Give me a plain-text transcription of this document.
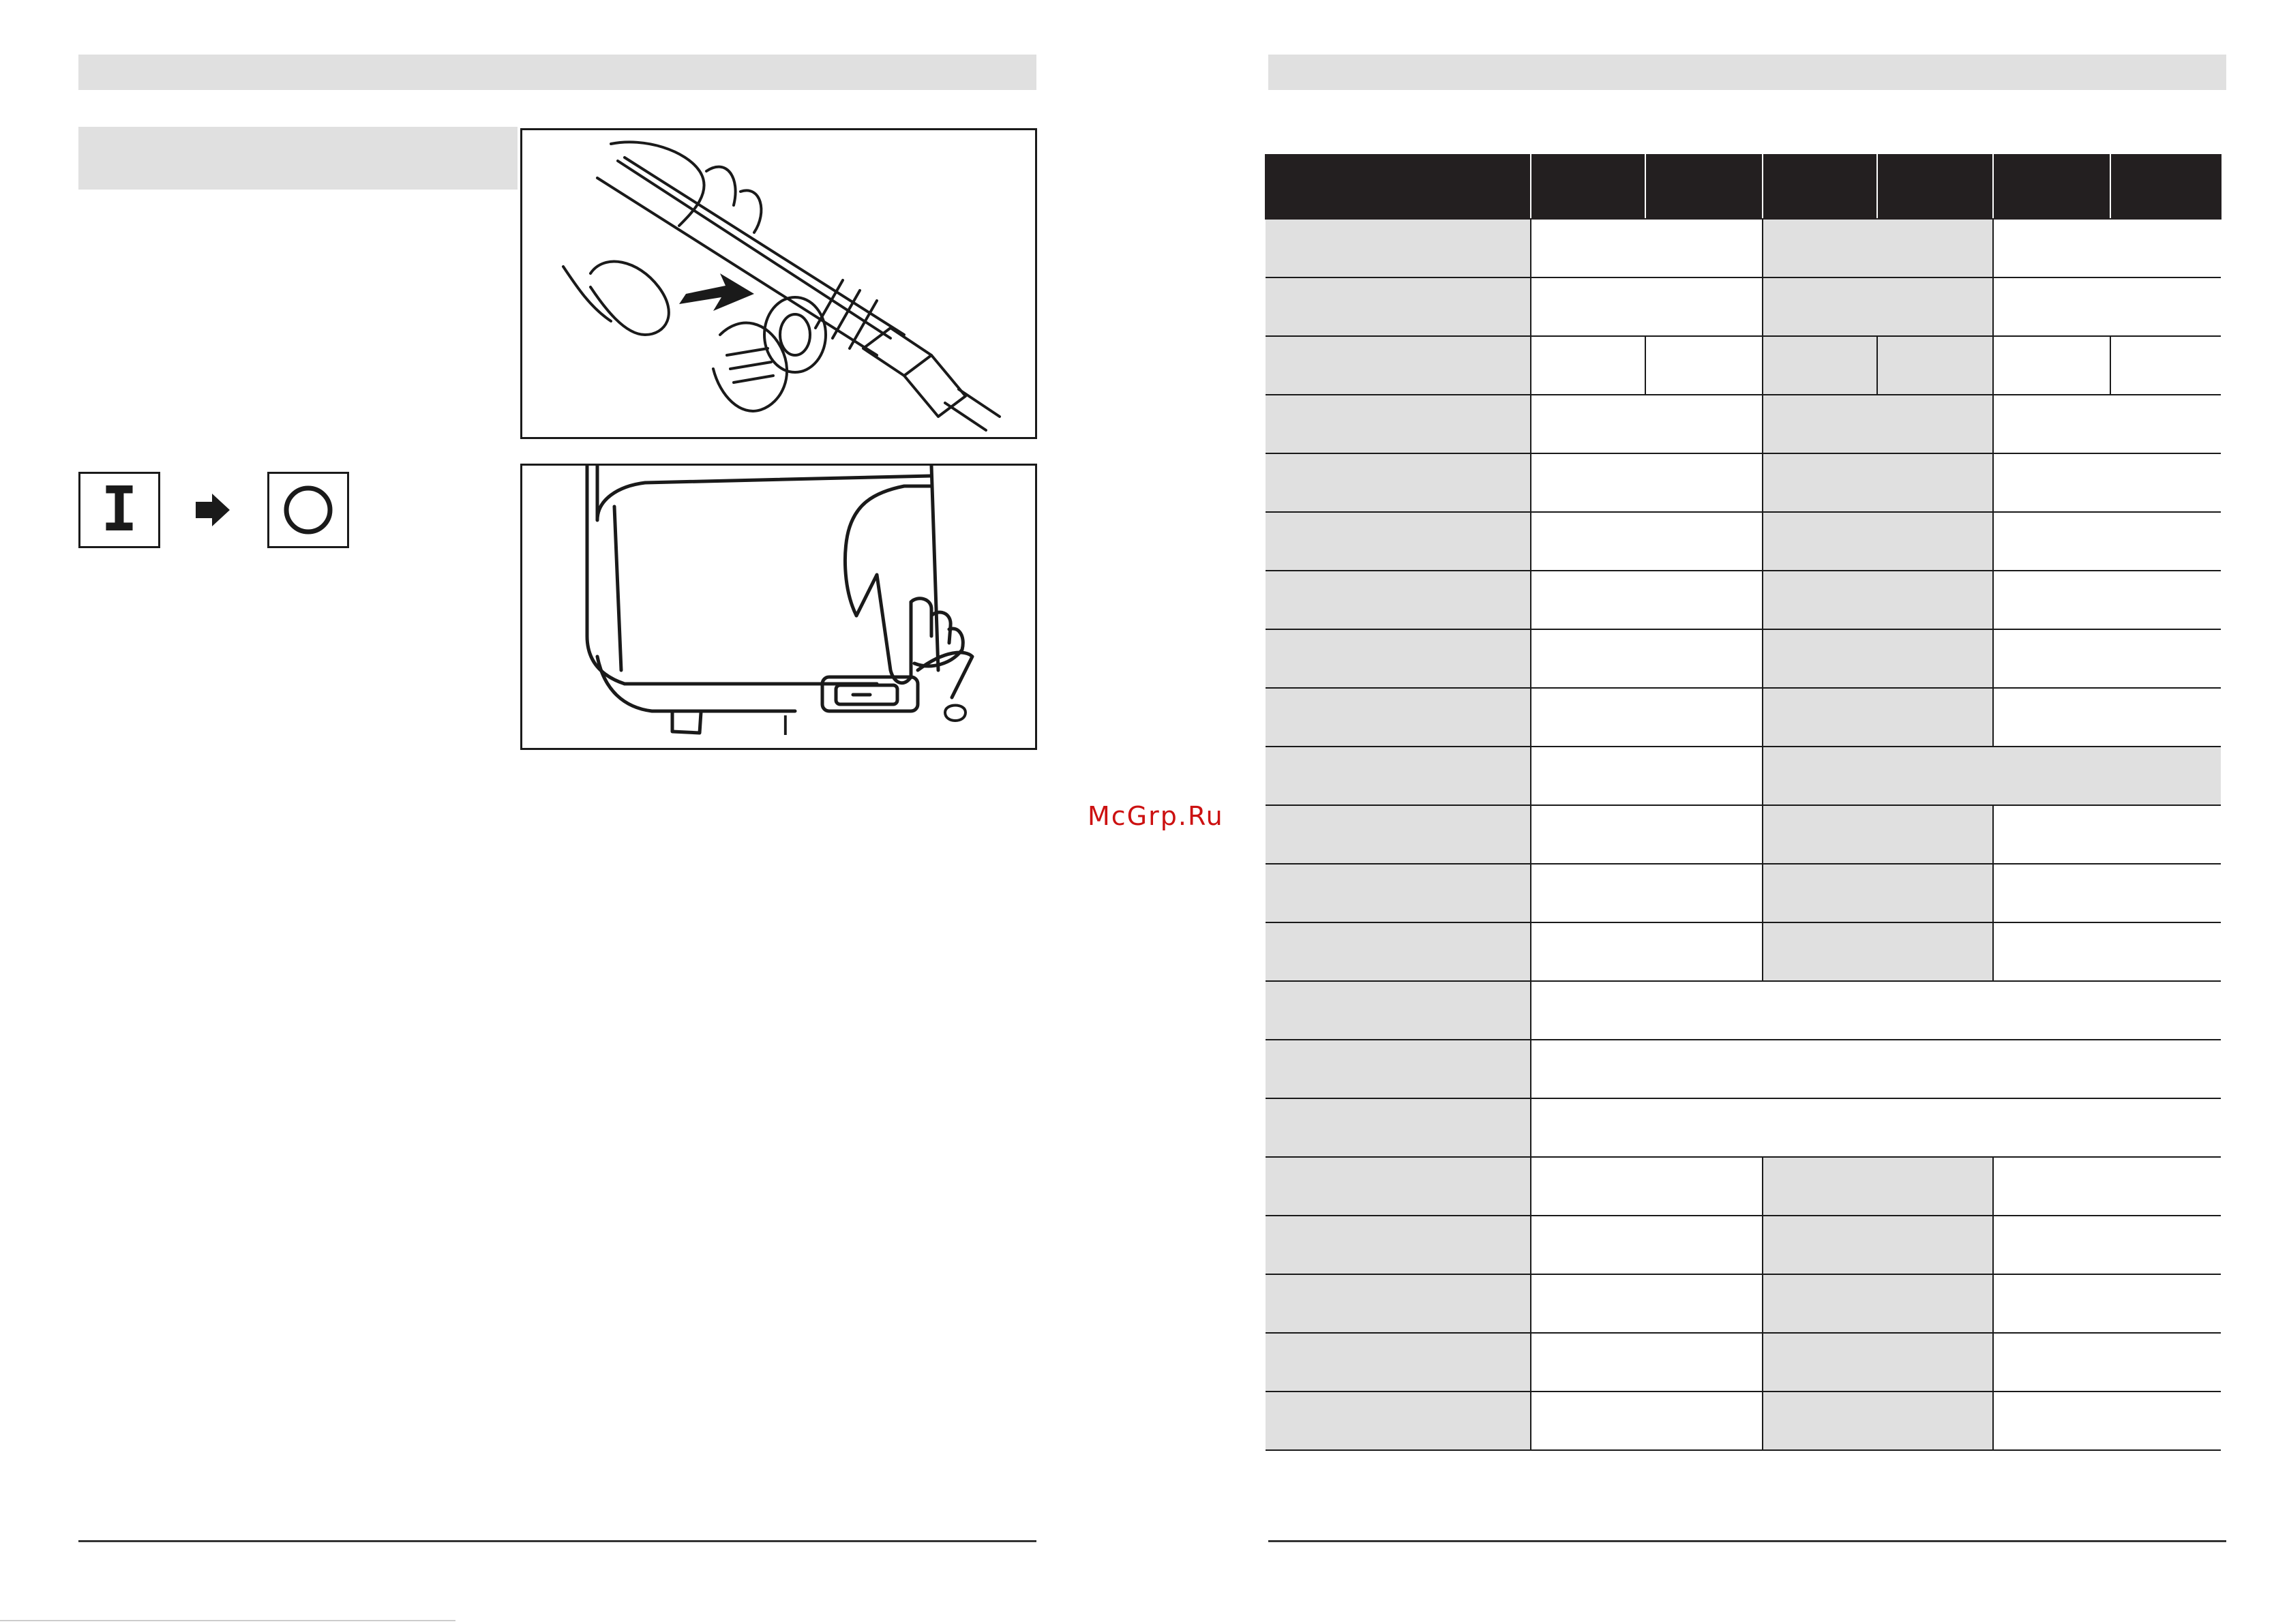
I
I
McGrp.Ru
